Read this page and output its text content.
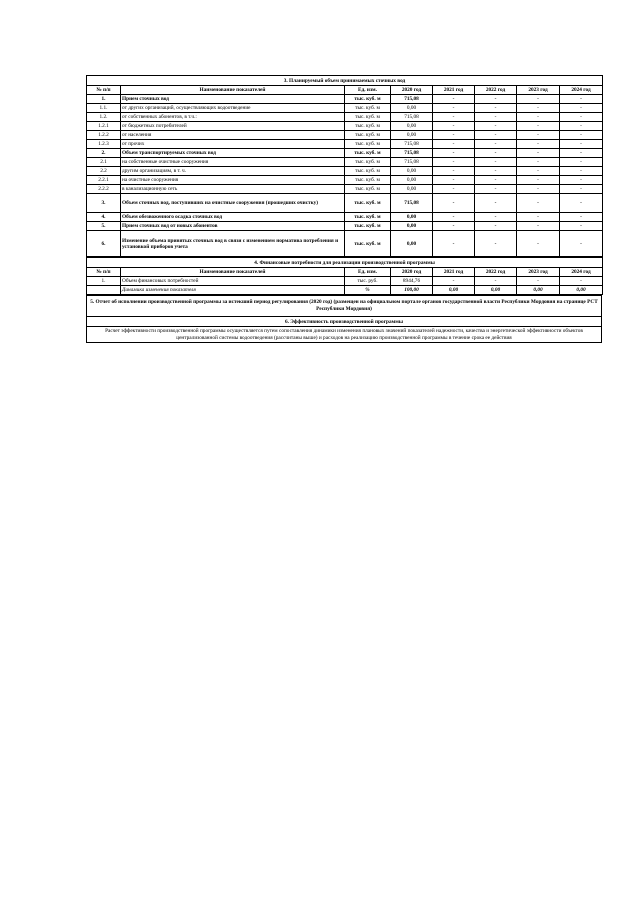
3. Планируемый объем принимаемых сточных вод							
№ п/п	Наименование показателей	Ед. изм.	2020 год	2021 год	2022 год	2023 год	2024 год
1.	Прием сточных вод	тыс. куб. м	715,08	-	-	-	-
1.1.	от других организаций, осуществляющих водоотведение	тыс. куб. м	0,00	-	-	-	-
1.2.	от собственных абонентов, в т.ч.:	тыс. куб. м	715,08	-	-	-	-
1.2.1	от бюджетных потребителей	тыс. куб. м	0,00	-	-	-	-
1.2.2	от населения	тыс. куб. м	0,00	-	-	-	-
1.2.3	от прочих	тыс. куб. м	715,08	-	-	-	-
2.	Объем транспортируемых сточных вод	тыс. куб. м	715,08	-	-	-	-
2.1	на собственные очистные сооружения	тыс. куб. м	715,08	-	-	-	-
2.2	другим организациям, в т. ч.	тыс. куб. м	0,00	-	-	-	-
2.2.1	на очистные сооружения	тыс. куб. м	0,00	-	-	-	-
2.2.2	в канализационную сеть	тыс. куб. м	0,00	-	-	-	-
3.	Объем сточных вод, поступивших на очистные сооружения (прошедших очистку)	тыс. куб. м	715,08	-	-	-	-
4.	Объем обезвоженного осадка сточных вод	тыс. куб. м	0,00	-	-	-	-
5.	Прием сточных вод от новых абонентов	тыс. куб. м	0,00	-	-	-	-
6.	Изменение объема принятых сточных вод в связи с изменением норматива потребления и установкой приборов учета	тыс. куб. м	0,00	-	-	-	-
4. Финансовые потребности для реализации производственной программы							
№ п/п	Наименование показателей	Ед. изм.	2020 год	2021 год	2022 год	2023 год	2024 год
1.	Объем финансовых потребностей	тыс. руб.	8944,76	-	-	-	-
	Динамика изменения показателя	%	100,00	0,00	0,00	0,00	0,00
5. Отчет об исполнении производственной программы за истекший период регулирования (2020 год) (размещен на официальном портале органов государственной власти Республики Мордовия на странице РСТ Республики Мордовия)
6. Эффективность производственной программы
Расчет эффективности производственной программы осуществляется путем сопоставления динамики изменения плановых значений показателей надежности, качества и энергетической эффективности объектов централизованной системы водоотведения (рассчитаны выше) и расходов на реализацию производственной программы в течение срока ее действия
